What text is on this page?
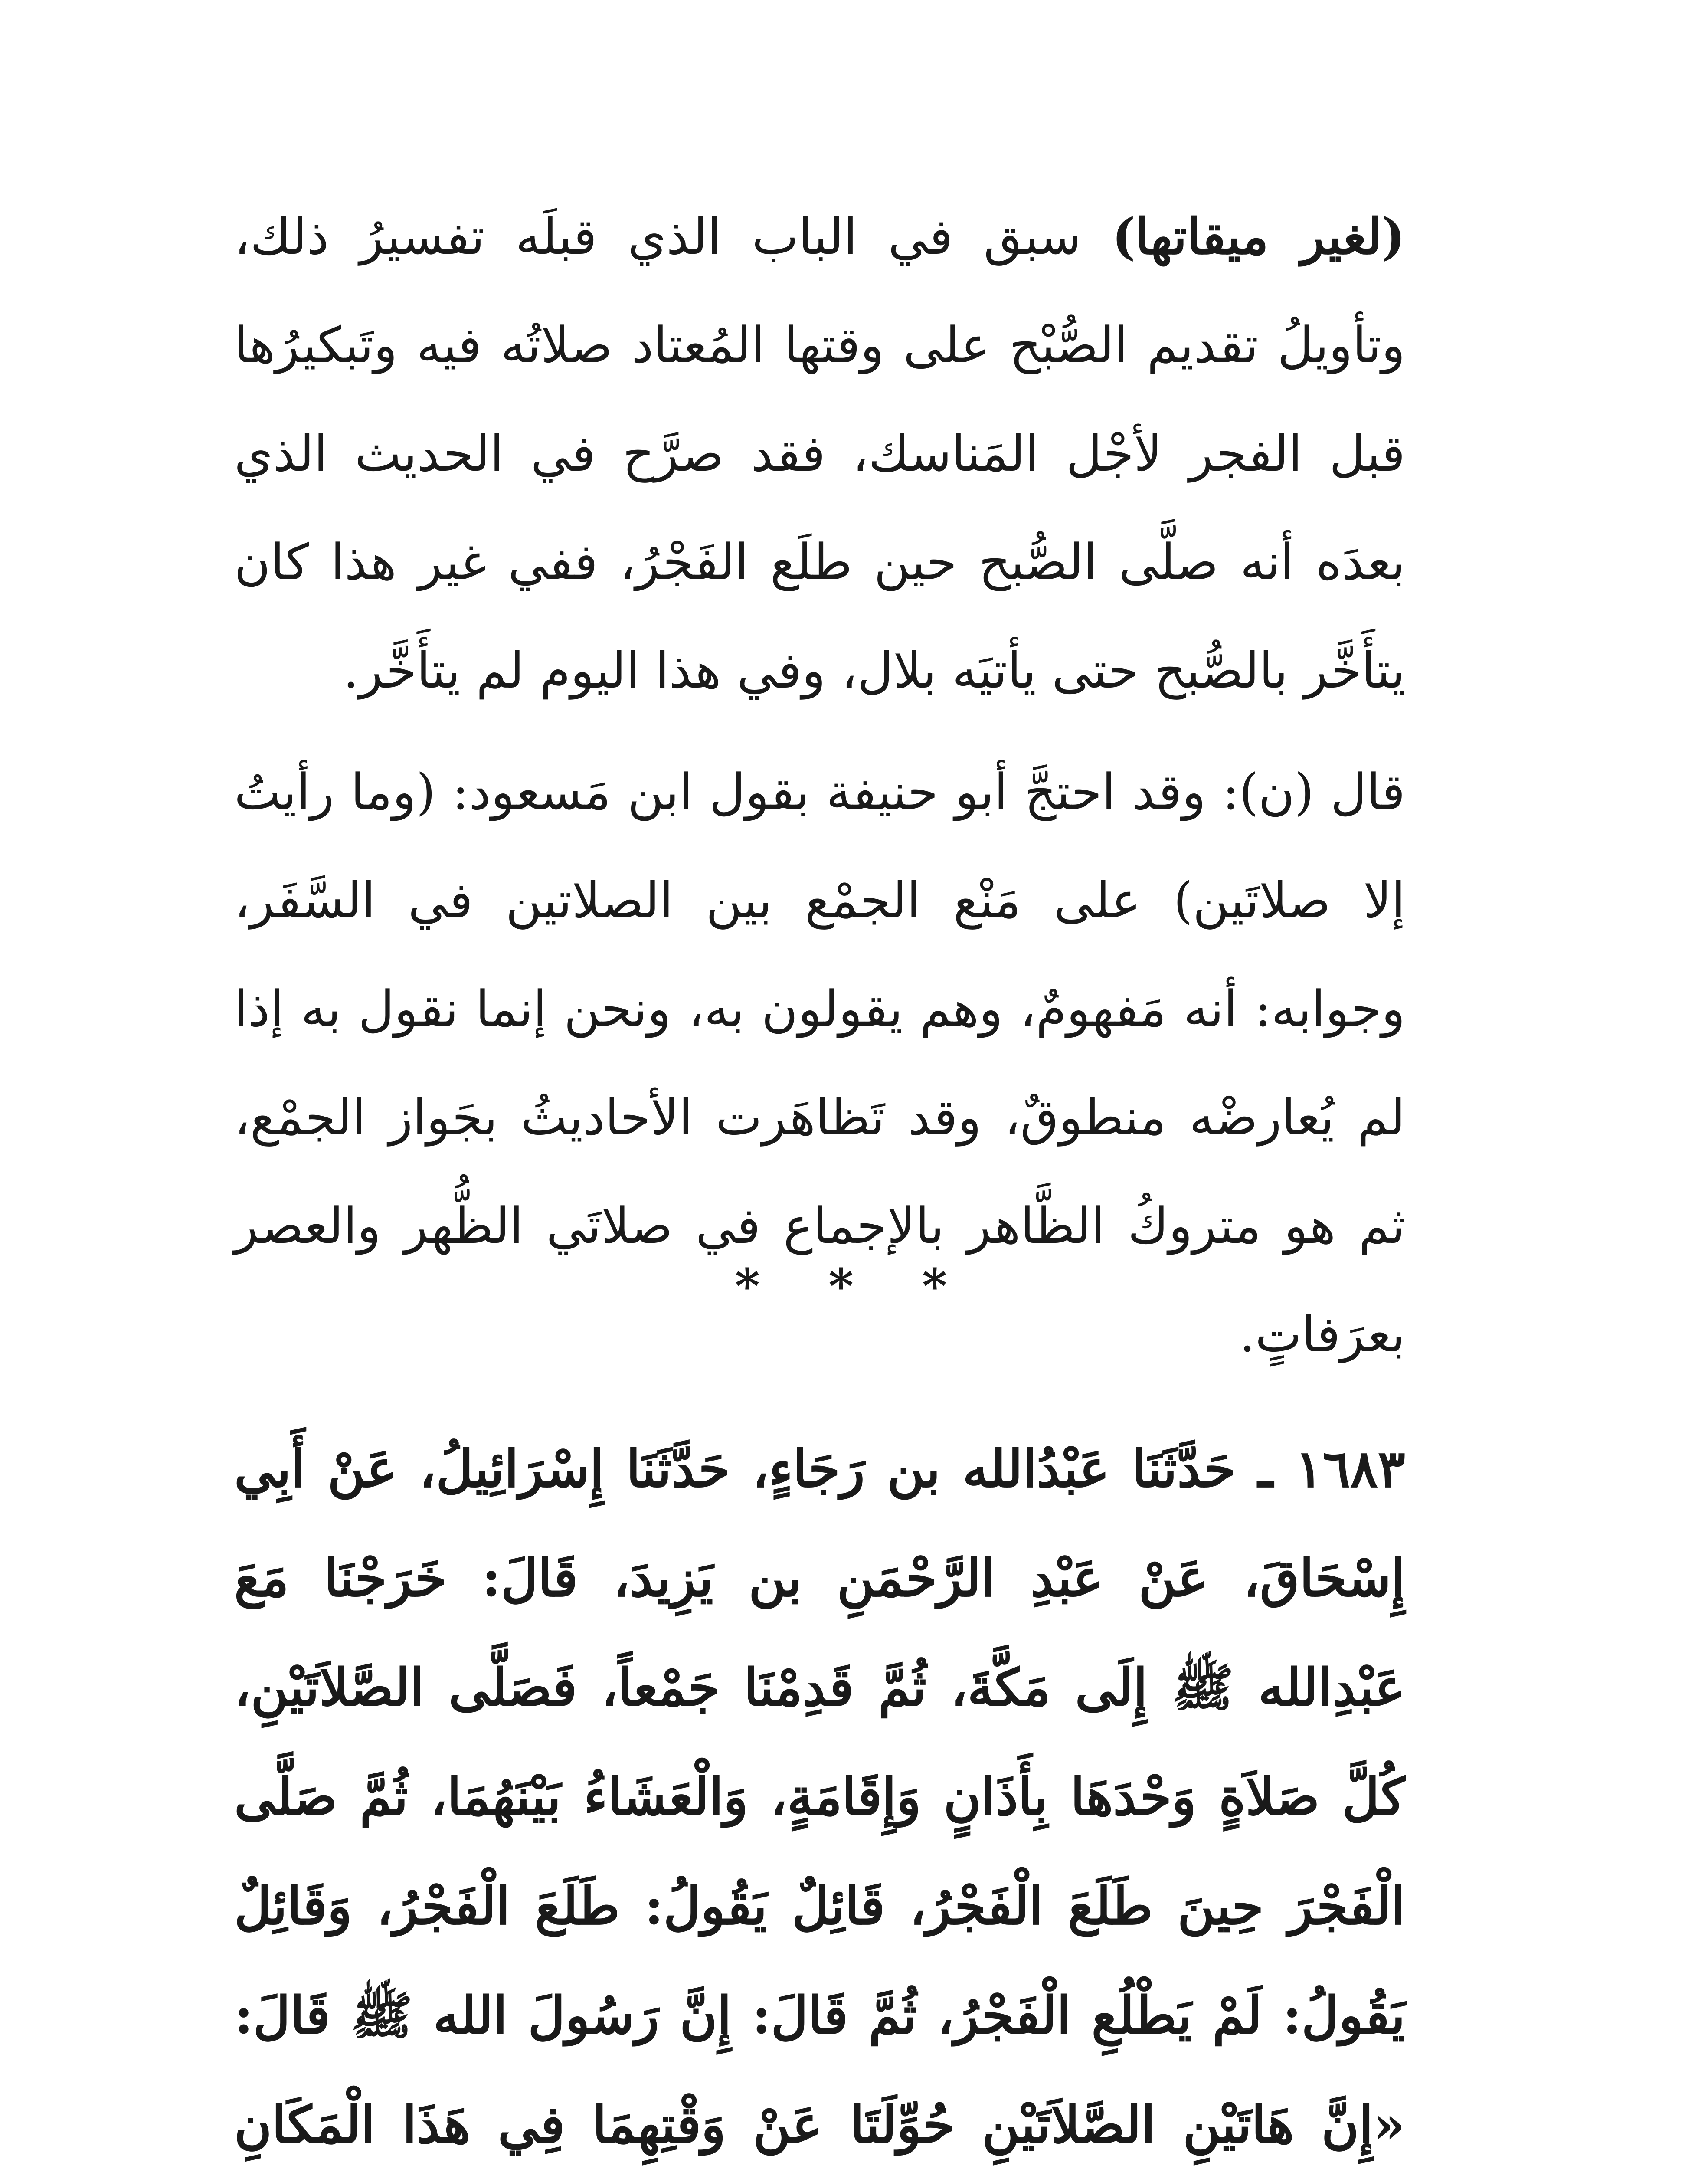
(لغير ميقاتها) سبق في الباب الذي قبلَه تفسيرُ ذلك، وتأويلُ تقديم الصُّبْح على وقتها المُعتاد صلاتُه فيه وتَبكيرُها قبل الفجر لأجْل المَناسك، فقد صرَّح في الحديث الذي بعدَه أنه صلَّى الصُّبح حين طلَع الفَجْرُ، ففي غير هذا كان يتأَخَّر بالصُّبح حتى يأتيَه بلال، وفي هذا اليوم لم يتأَخَّر.

قال (ن): وقد احتجَّ أبو حنيفة بقول ابن مَسعود: (وما رأيتُ إلا صلاتَين) على مَنْع الجمْع بين الصلاتين في السَّفَر، وجوابه: أنه مَفهومٌ، وهم يقولون به، ونحن إنما نقول به إذا لم يُعارضْه منطوقٌ، وقد تَظاهَرت الأحاديثُ بجَواز الجمْع، ثم هو متروكُ الظَّاهر بالإجماع في صلاتَي الظُّهر والعصر بعرَفاتٍ.

* * *

١٦٨٣ ـ حَدَّثَنَا عَبْدُالله بن رَجَاءٍ، حَدَّثَنَا إِسْرَائِيلُ، عَنْ أَبِي إِسْحَاقَ، عَنْ عَبْدِ الرَّحْمَنِ بن يَزِيدَ، قَالَ: خَرَجْنَا مَعَ عَبْدِالله ﷺ إِلَى مَكَّةَ، ثُمَّ قَدِمْنَا جَمْعاً، فَصَلَّى الصَّلاَتَيْنِ، كُلَّ صَلاَةٍ وَحْدَهَا بِأَذَانٍ وَإِقَامَةٍ، وَالْعَشَاءُ بَيْنَهُمَا، ثُمَّ صَلَّى الْفَجْرَ حِينَ طَلَعَ الْفَجْرُ، قَائِلٌ يَقُولُ: طَلَعَ الْفَجْرُ، وَقَائِلٌ يَقُولُ: لَمْ يَطْلُعِ الْفَجْرُ، ثُمَّ قَالَ: إِنَّ رَسُولَ الله ﷺ قَالَ: «إِنَّ هَاتَيْنِ الصَّلاَتَيْنِ حُوِّلَتَا عَنْ وَقْتِهِمَا فِي هَذَا الْمَكَانِ
